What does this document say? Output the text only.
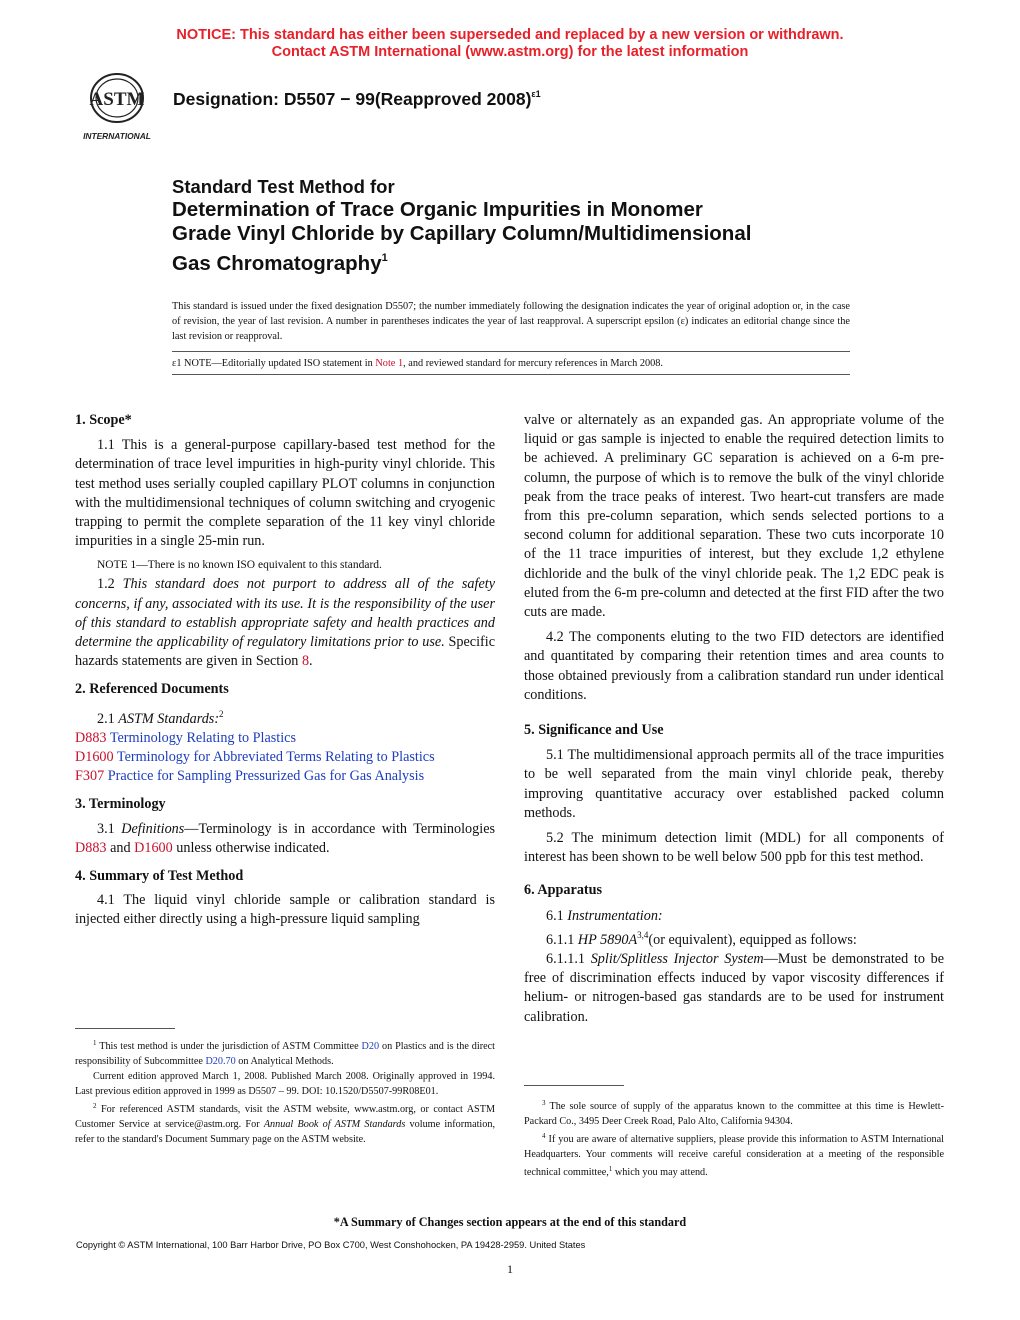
NOTICE: This standard has either been superseded and replaced by a new version or withdrawn.
Contact ASTM International (www.astm.org) for the latest information
ASTM
INTERNATIONAL
Designation: D5507 − 99(Reapproved 2008)$^{\varepsilon 1}$
Standard Test Method for
Determination of Trace Organic Impurities in Monomer
Grade Vinyl Chloride by Capillary Column/Multidimensional
Gas Chromatography$^1$
This standard is issued under the fixed designation D5507; the number immediately following the designation indicates the year of original adoption or, in the case of revision, the year of last revision. A number in parentheses indicates the year of last reapproval. A superscript epsilon (ε) indicates an editorial change since the last revision or reapproval.
ε1 NOTE—Editorially updated ISO statement in Note 1, and reviewed standard for mercury references in March 2008.
1. Scope*

1.1 This is a general-purpose capillary-based test method for the determination of trace level impurities in high-purity vinyl chloride. This test method uses serially coupled capillary PLOT columns in conjunction with the multidimensional techniques of column switching and cryogenic trapping to permit the complete separation of the 11 key vinyl chloride impurities in a single 25-min run.

NOTE 1—There is no known ISO equivalent to this standard.

1.2 This standard does not purport to address all of the safety concerns, if any, associated with its use. It is the responsibility of the user of this standard to establish appropriate safety and health practices and determine the applicability of regulatory limitations prior to use. Specific hazards statements are given in Section 8.

2. Referenced Documents

2.1 ASTM Standards:$^2$

D883 Terminology Relating to Plastics

D1600 Terminology for Abbreviated Terms Relating to Plastics

F307 Practice for Sampling Pressurized Gas for Gas Analysis

3. Terminology

3.1 Definitions—Terminology is in accordance with Terminologies D883 and D1600 unless otherwise indicated.

4. Summary of Test Method

4.1 The liquid vinyl chloride sample or calibration standard is injected either directly using a high-pressure liquid sampling

$^1$ This test method is under the jurisdiction of ASTM Committee D20 on Plastics and is the direct responsibility of Subcommittee D20.70 on Analytical Methods.

Current edition approved March 1, 2008. Published March 2008. Originally approved in 1994. Last previous edition approved in 1999 as D5507 – 99. DOI: 10.1520/D5507-99R08E01.

$^2$ For referenced ASTM standards, visit the ASTM website, www.astm.org, or contact ASTM Customer Service at service@astm.org. For Annual Book of ASTM Standards volume information, refer to the standard's Document Summary page on the ASTM website.

valve or alternately as an expanded gas. An appropriate volume of the liquid or gas sample is injected to enable the required detection limits to be achieved. A preliminary GC separation is achieved on a 6-m pre-column, the purpose of which is to remove the bulk of the vinyl chloride peak from the trace peaks of interest. Two heart-cut transfers are made from this pre-column separation, which sends selected portions to a second column for additional separation. These two cuts incorporate 10 of the 11 trace impurities of interest, but they exclude 1,2 ethylene dichloride and the bulk of the vinyl chloride peak. The 1,2 EDC peak is eluted from the 6-m pre-column and detected at the first FID after the two cuts are made.

4.2 The components eluting to the two FID detectors are identified and quantitated by comparing their retention times and area counts to those obtained previously from a calibration standard run under identical conditions.

5. Significance and Use

5.1 The multidimensional approach permits all of the trace impurities to be well separated from the main vinyl chloride peak, thereby improving quantitative accuracy over established packed column methods.

5.2 The minimum detection limit (MDL) for all components of interest has been shown to be well below 500 ppb for this test method.

6. Apparatus

6.1 Instrumentation:

6.1.1 HP $5890A^{3,4}(or$ equivalent), equipped as follows:

6.1.1.1 Split/Splitless Injector System—Must be demonstrated to be free of discrimination effects induced by vapor viscosity differences if helium- or nitrogen-based gas standards are to be used for instrument calibration.

$^3$ The sole source of supply of the apparatus known to the committee at this time is Hewlett-Packard Co., 3495 Deer Creek Road, Palo Alto, California 94304.

$^4$ If you are aware of alternative suppliers, please provide this information to ASTM International Headquarters. Your comments will receive careful consideration at a meeting of the responsible technical committee,$^1$ which you may attend.

*A Summary of Changes section appears at the end of this standard
Copyright © ASTM International, 100 Barr Harbor Drive, PO Box C700, West Conshohocken, PA 19428-2959. United States
1
